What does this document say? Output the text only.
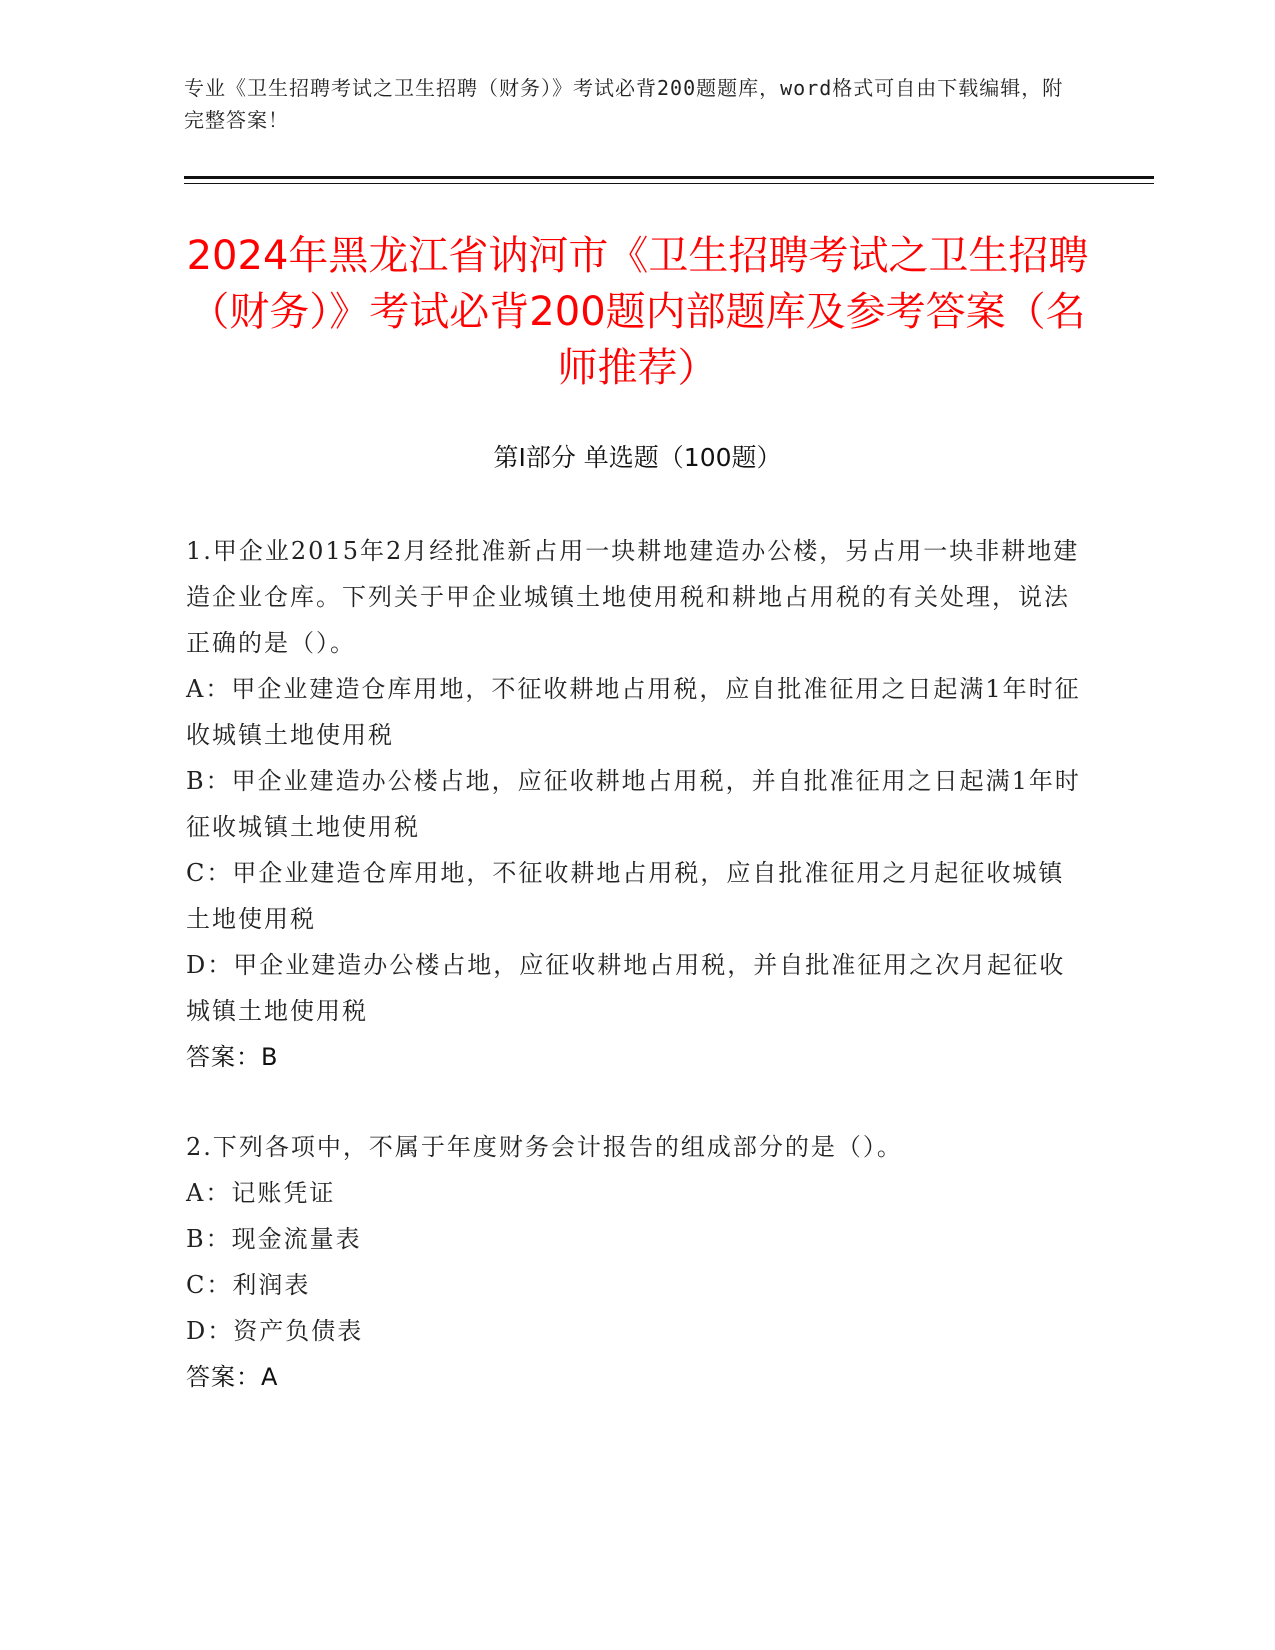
专业《卫生招聘考试之卫生招聘（财务）》考试必背200题题库，word格式可自由下载编辑，附完整答案！
2024年黑龙江省讷河市《卫生招聘考试之卫生招聘（财务）》考试必背200题内部题库及参考答案（名师推荐）
第I部分 单选题（100题）
1.甲企业2015年2月经批准新占用一块耕地建造办公楼，另占用一块非耕地建造企业仓库。下列关于甲企业城镇土地使用税和耕地占用税的有关处理，说法正确的是（）。
A：甲企业建造仓库用地，不征收耕地占用税，应自批准征用之日起满1年时征收城镇土地使用税
B：甲企业建造办公楼占地，应征收耕地占用税，并自批准征用之日起满1年时征收城镇土地使用税
C：甲企业建造仓库用地，不征收耕地占用税，应自批准征用之月起征收城镇土地使用税
D：甲企业建造办公楼占地，应征收耕地占用税，并自批准征用之次月起征收城镇土地使用税
答案：B
2.下列各项中，不属于年度财务会计报告的组成部分的是（）。
A：记账凭证
B：现金流量表
C：利润表
D：资产负债表
答案：A
